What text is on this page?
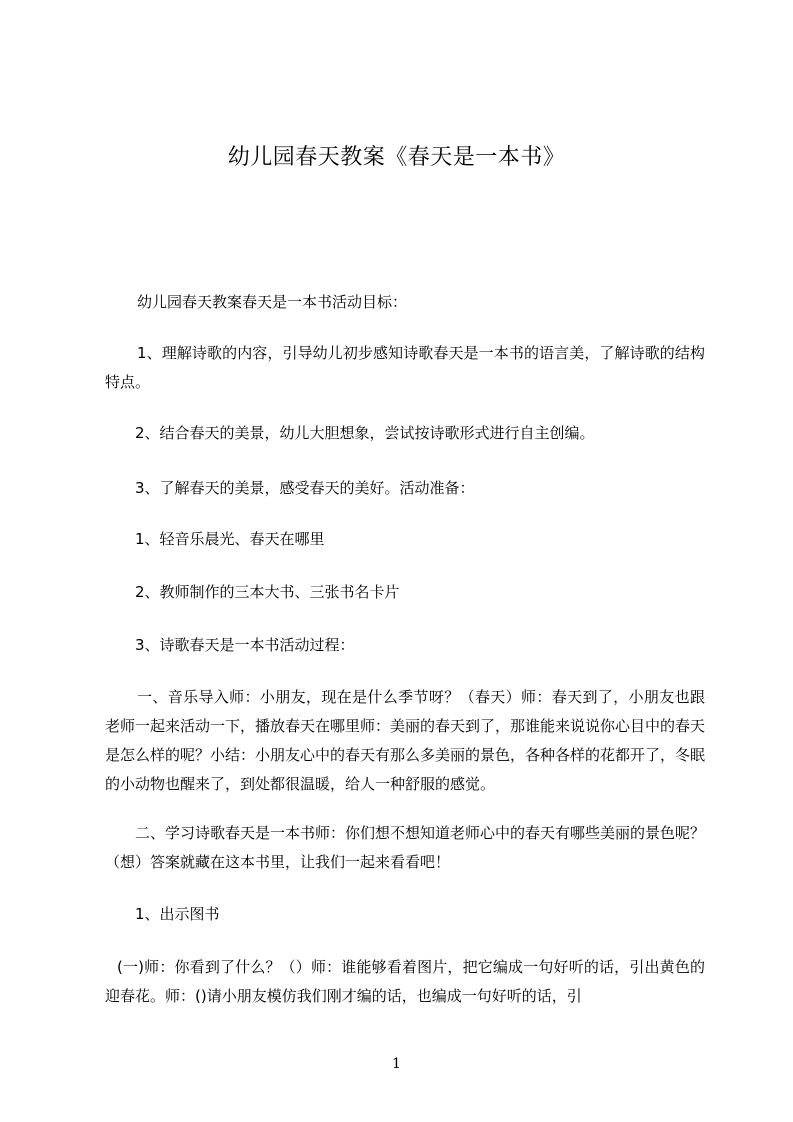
幼儿园春天教案《春天是一本书》

幼儿园春天教案春天是一本书活动目标：

1、理解诗歌的内容，引导幼儿初步感知诗歌春天是一本书的语言美，了解诗歌的结构特点。

2、结合春天的美景，幼儿大胆想象，尝试按诗歌形式进行自主创编。

3、了解春天的美景，感受春天的美好。活动准备：

1、轻音乐晨光、春天在哪里

2、教师制作的三本大书、三张书名卡片

3、诗歌春天是一本书活动过程：

一、音乐导入师：小朋友，现在是什么季节呀？（春天）师：春天到了，小朋友也跟老师一起来活动一下，播放春天在哪里师：美丽的春天到了，那谁能来说说你心目中的春天是怎么样的呢？小结：小朋友心中的春天有那么多美丽的景色，各种各样的花都开了，冬眠的小动物也醒来了，到处都很温暖，给人一种舒服的感觉。

二、学习诗歌春天是一本书师：你们想不想知道老师心中的春天有哪些美丽的景色呢？（想）答案就藏在这本书里，让我们一起来看看吧！

1、出示图书

(一)师：你看到了什么？（）师：谁能够看着图片，把它编成一句好听的话，引出黄色的迎春花。师：()请小朋友模仿我们刚才编的话，也编成一句好听的话，引

1
